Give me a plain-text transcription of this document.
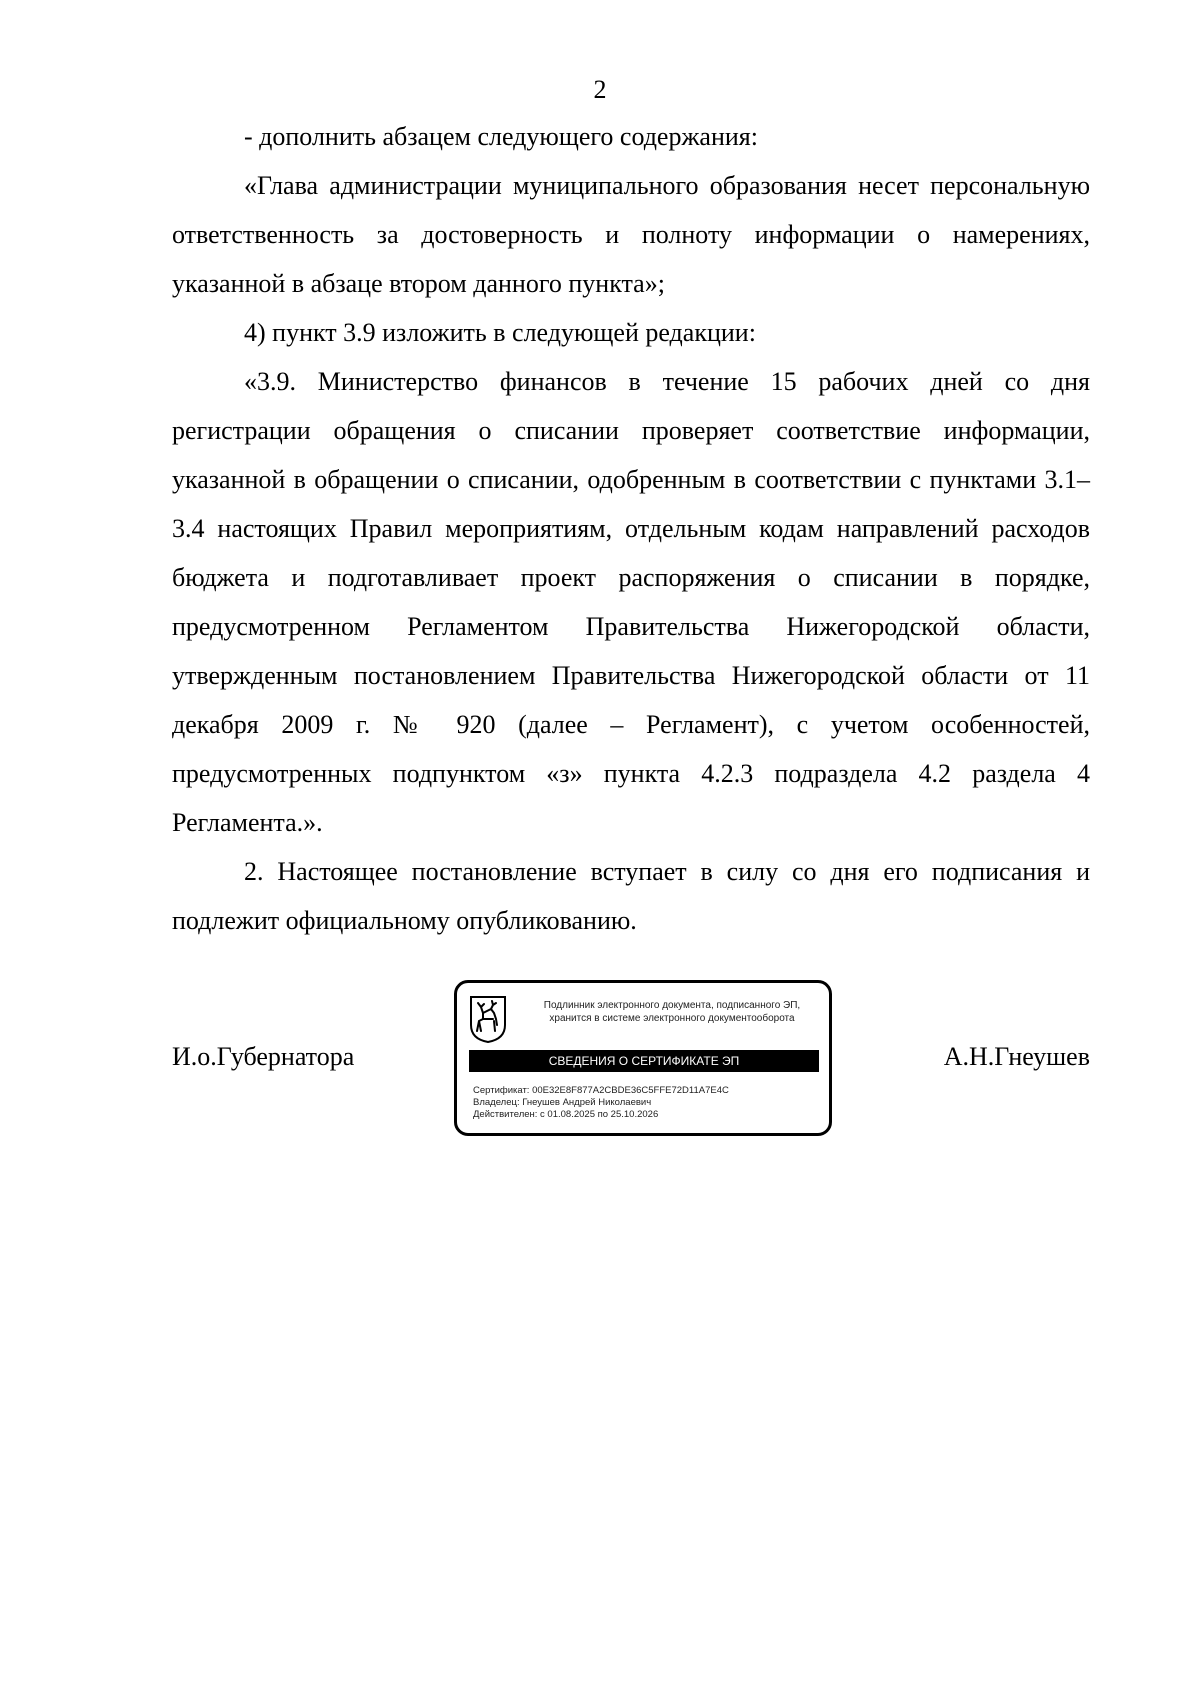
2

- дополнить абзацем следующего содержания:

«Глава администрации муниципального образования несет персональную ответственность за достоверность и полноту информации о намерениях, указанной в абзаце втором данного пункта»;

4) пункт 3.9 изложить в следующей редакции:

«3.9. Министерство финансов в течение 15 рабочих дней со дня регистрации обращения о списании проверяет соответствие информации, указанной в обращении о списании, одобренным в соответствии с пунктами 3.1–3.4 настоящих Правил мероприятиям, отдельным кодам направлений расходов бюджета и подготавливает проект распоряжения о списании в порядке, предусмотренном Регламентом Правительства Нижегородской области, утвержденным постановлением Правительства Нижегородской области от 11 декабря 2009 г. № 920 (далее – Регламент), с учетом особенностей, предусмотренных подпунктом «з» пункта 4.2.3 подраздела 4.2 раздела 4 Регламента.».

2. Настоящее постановление вступает в силу со дня его подписания и подлежит официальному опубликованию.

И.о.Губернатора
Подлинник электронного документа, подписанного ЭП,
хранится в системе электронного документооборота
СВЕДЕНИЯ О СЕРТИФИКАТЕ ЭП
Сертификат: 00E32E8F877A2CBDE36C5FFE72D11A7E4C
Владелец: Гнеушев Андрей Николаевич
Действителен: с 01.08.2025 по 25.10.2026
А.Н.Гнеушев
